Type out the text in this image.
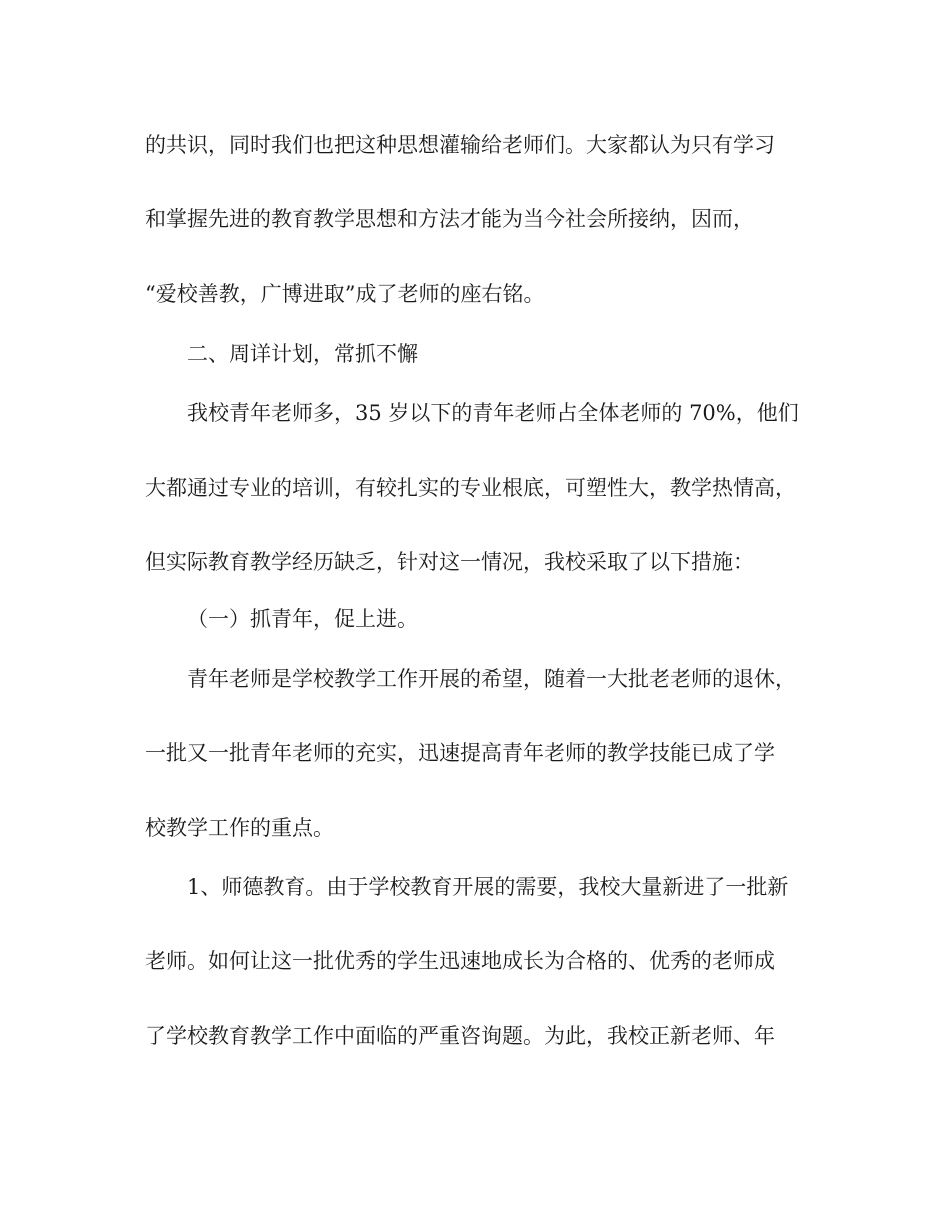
的共识，同时我们也把这种思想灌输给老师们。大家都认为只有学习
和掌握先进的教育教学思想和方法才能为当今社会所接纳，因而，
“爱校善教，广博进取”成了老师的座右铭。
二、周详计划，常抓不懈
我校青年老师多，35 岁以下的青年老师占全体老师的 70%，他们
大都通过专业的培训，有较扎实的专业根底，可塑性大，教学热情高，
但实际教育教学经历缺乏，针对这一情况，我校采取了以下措施：
（一）抓青年，促上进。
青年老师是学校教学工作开展的希望，随着一大批老老师的退休，
一批又一批青年老师的充实，迅速提高青年老师的教学技能已成了学
校教学工作的重点。
1、师德教育。由于学校教育开展的需要，我校大量新进了一批新
老师。如何让这一批优秀的学生迅速地成长为合格的、优秀的老师成
了学校教育教学工作中面临的严重咨询题。为此，我校正新老师、年
